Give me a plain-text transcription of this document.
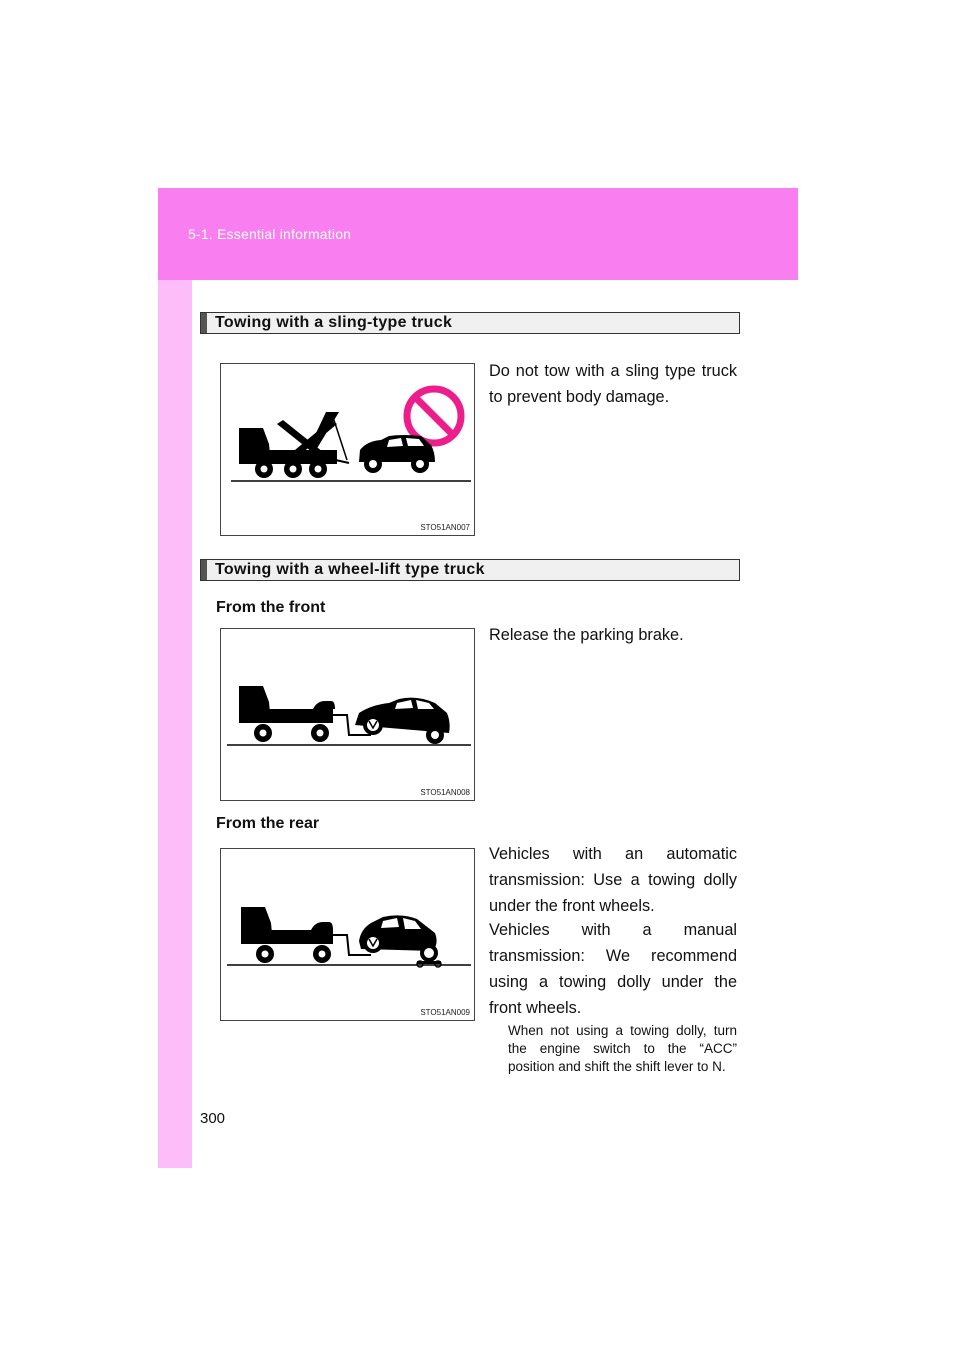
5-1. Essential information
Towing with a sling-type truck
STO51AN007
Do not tow with a sling type truck to prevent body damage.
Towing with a wheel-lift type truck
From the front
STO51AN008
Release the parking brake.
From the rear
STO51AN009
Vehicles with an automatic transmission: Use a towing dolly under the front wheels.
Vehicles with a manual transmission: We recommend using a towing dolly under the front wheels.
When not using a towing dolly, turn the engine switch to the “ACC” position and shift the shift lever to N.
300
